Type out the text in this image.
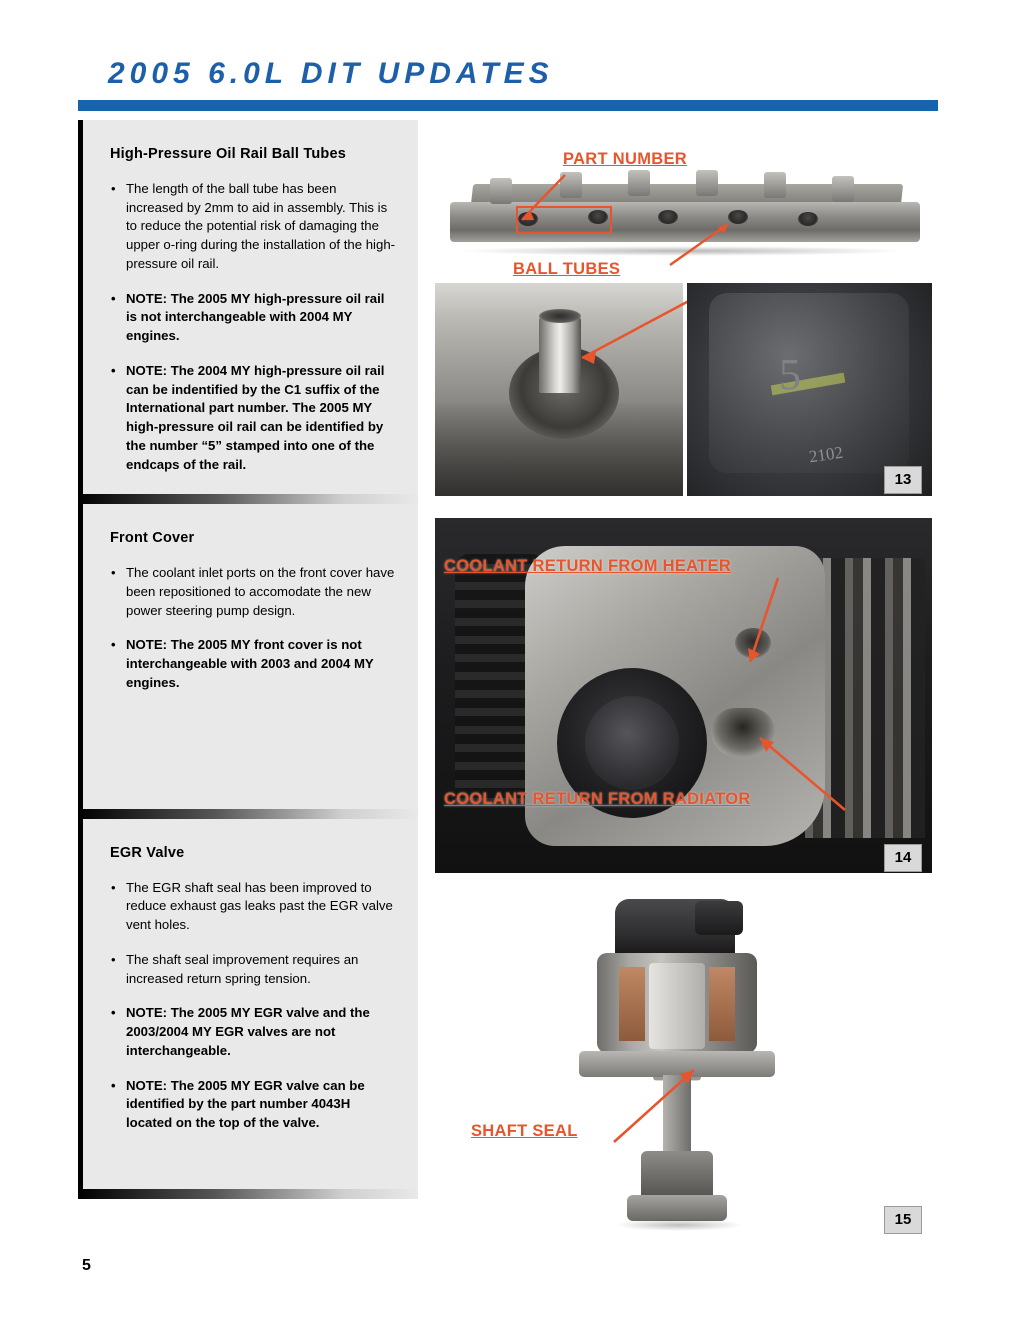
2005 6.0L DIT UPDATES
High-Pressure Oil Rail Ball Tubes
• The length of the ball tube has been increased by 2mm to aid in assembly. This is to reduce the potential risk of damaging the upper o-ring during the installation of the high-pressure oil rail.
• NOTE: The 2005 MY high-pressure oil rail is not interchangeable with 2004 MY engines.
• NOTE: The 2004 MY high-pressure oil rail can be indentified by the C1 suffix of the International part number. The 2005 MY high-pressure oil rail can be identified by the number “5” stamped into one of the endcaps of the rail.
Front Cover
• The coolant inlet ports on the front cover have been repositioned to accomodate the new power steering pump design.
• NOTE: The 2005 MY front cover is not interchangeable with 2003 and 2004 MY engines.
EGR Valve
• The EGR shaft seal has been improved to reduce exhaust gas leaks past the EGR valve vent holes.
• The shaft seal improvement requires an increased return spring tension.
• NOTE: The 2005 MY EGR valve and the 2003/2004 MY EGR valves are not interchangeable.
• NOTE: The 2005 MY EGR valve can be identified by the part number 4043H located on the top of the valve.
PART NUMBER
BALL TUBES
5
2102
13
COOLANT RETURN FROM HEATER
COOLANT RETURN FROM RADIATOR
14
SHAFT SEAL
15
5
